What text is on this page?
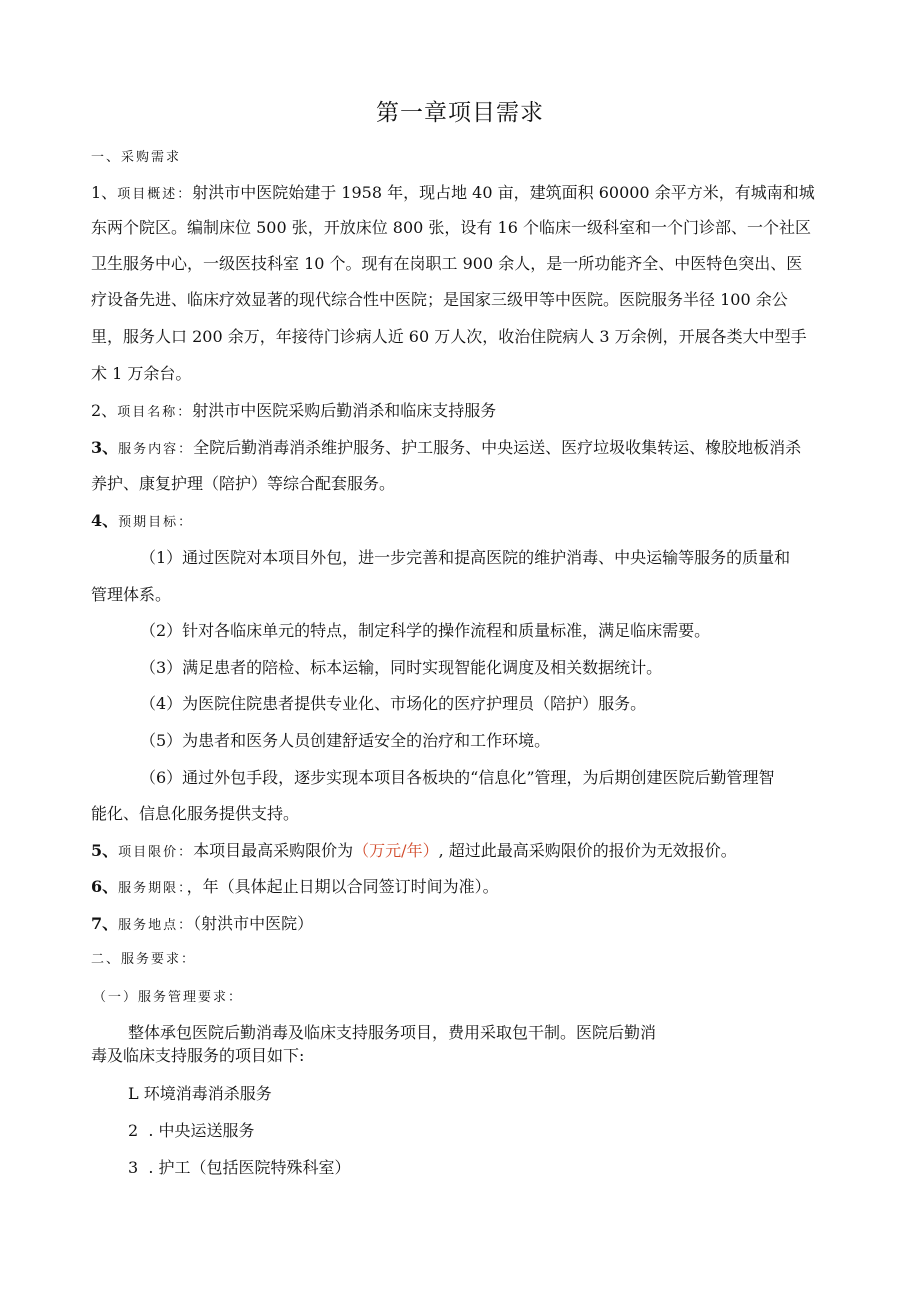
第一章项目需求
一、采购需求
1、项目概述：射洪市中医院始建于 1958 年，现占地 40 亩，建筑面积 60000 余平方米，有城南和城
东两个院区。编制床位 500 张，开放床位 800 张，设有 16 个临床一级科室和一个门诊部、一个社区
卫生服务中心，一级医技科室 10 个。现有在岗职工 900 余人，是一所功能齐全、中医特色突出、医
疗设备先进、临床疗效显著的现代综合性中医院；是国家三级甲等中医院。医院服务半径 100 余公
里，服务人口 200 余万，年接待门诊病人近 60 万人次，收治住院病人 3 万余例，开展各类大中型手
术 1 万余台。
2、项目名称：射洪市中医院采购后勤消杀和临床支持服务
3、服务内容：全院后勤消毒消杀维护服务、护工服务、中央运送、医疗垃圾收集转运、橡胶地板消杀
养护、康复护理（陪护）等综合配套服务。
4、预期目标：
（1）通过医院对本项目外包，进一步完善和提高医院的维护消毒、中央运输等服务的质量和
管理体系。
（2）针对各临床单元的特点，制定科学的操作流程和质量标准，满足临床需要。
（3）满足患者的陪检、标本运输，同时实现智能化调度及相关数据统计。
（4）为医院住院患者提供专业化、市场化的医疗护理员（陪护）服务。
（5）为患者和医务人员创建舒适安全的治疗和工作环境。
（6）通过外包手段，逐步实现本项目各板块的“信息化”管理，为后期创建医院后勤管理智
能化、信息化服务提供支持。
5、项目限价：本项目最高采购限价为（万元/年）, 超过此最高采购限价的报价为无效报价。
6、服务期限：，年（具体起止日期以合同签订时间为准）。
7、服务地点：（射洪市中医院）
二、服务要求：
（一）服务管理要求：
整体承包医院后勤消毒及临床支持服务项目，费用采取包干制。医院后勤消
毒及临床支持服务的项目如下:
L 环境消毒消杀服务
2  . 中央运送服务
3  . 护工（包括医院特殊科室）
